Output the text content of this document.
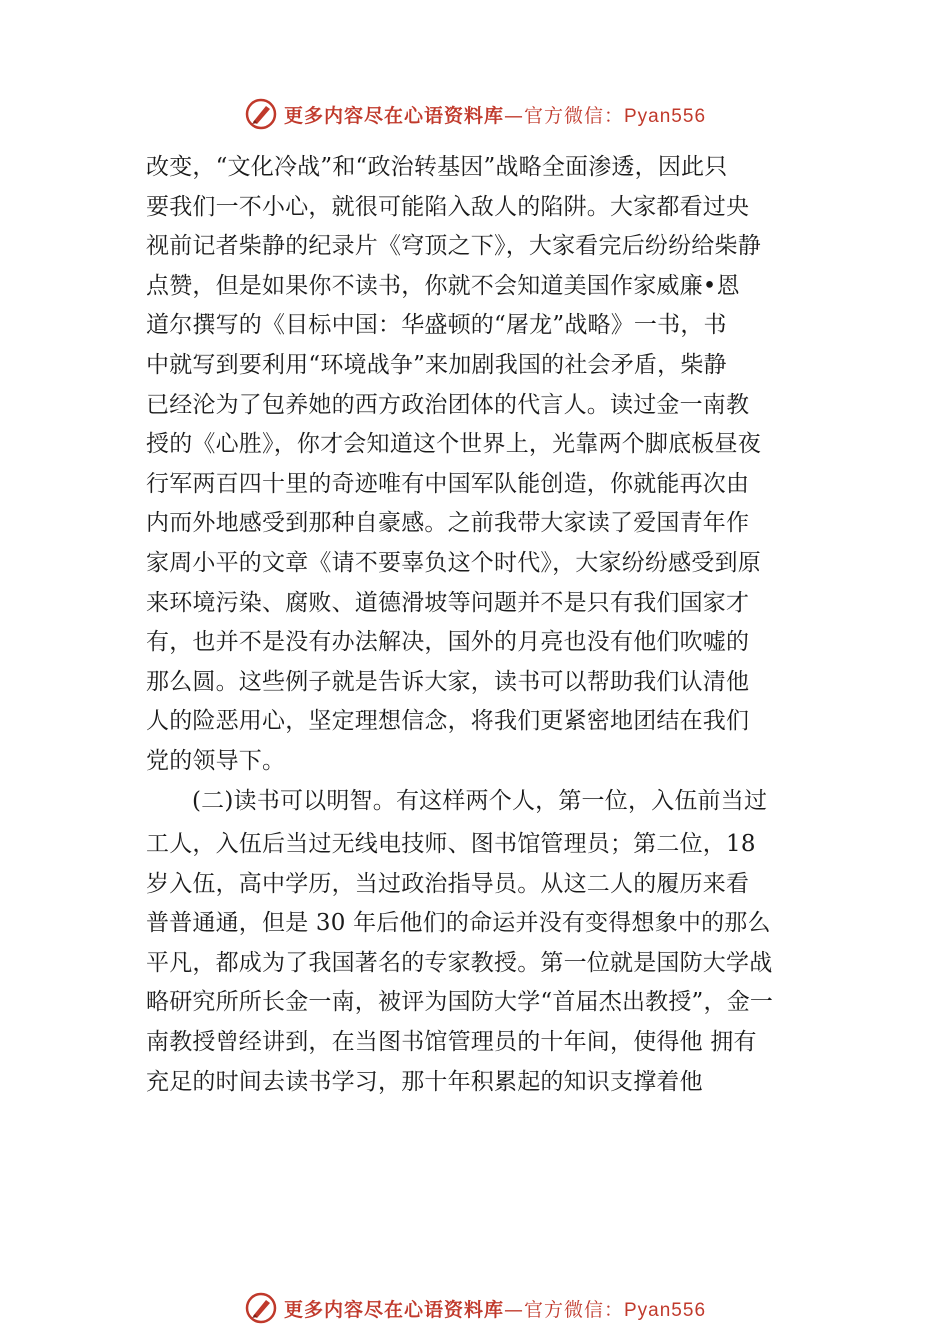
更多内容尽在心语资料库—官方微信：Pyan556
改变，“文化冷战”和“政治转基因”战略全面渗透，因此只
要我们一不小心，就很可能陷入敌人的陷阱。大家都看过央
视前记者柴静的纪录片《穹顶之下》，大家看完后纷纷给柴静
点赞，但是如果你不读书，你就不会知道美国作家威廉•恩
道尔撰写的《目标中国：华盛顿的“屠龙”战略》一书，书
中就写到要利用“环境战争”来加剧我国的社会矛盾，柴静
已经沦为了包养她的西方政治团体的代言人。读过金一南教
授的《心胜》，你才会知道这个世界上，光靠两个脚底板昼夜
行军两百四十里的奇迹唯有中国军队能创造，你就能再次由
内而外地感受到那种自豪感。之前我带大家读了爱国青年作
家周小平的文章《请不要辜负这个时代》，大家纷纷感受到原
来环境污染、腐败、道德滑坡等问题并不是只有我们国家才
有，也并不是没有办法解决，国外的月亮也没有他们吹嘘的
那么圆。这些例子就是告诉大家，读书可以帮助我们认清他
人的险恶用心，坚定理想信念，将我们更紧密地团结在我们
党的领导下。
(二)读书可以明智。有这样两个人，第一位，入伍前当过
工人，入伍后当过无线电技师、图书馆管理员；第二位，18
岁入伍，高中学历，当过政治指导员。从这二人的履历来看
普普通通，但是 30 年后他们的命运并没有变得想象中的那么
平凡，都成为了我国著名的专家教授。第一位就是国防大学战
略研究所所长金一南，被评为国防大学“首届杰出教授”，金一
南教授曾经讲到，在当图书馆管理员的十年间，使得他 拥有
充足的时间去读书学习，那十年积累起的知识支撑着他
更多内容尽在心语资料库—官方微信：Pyan556
